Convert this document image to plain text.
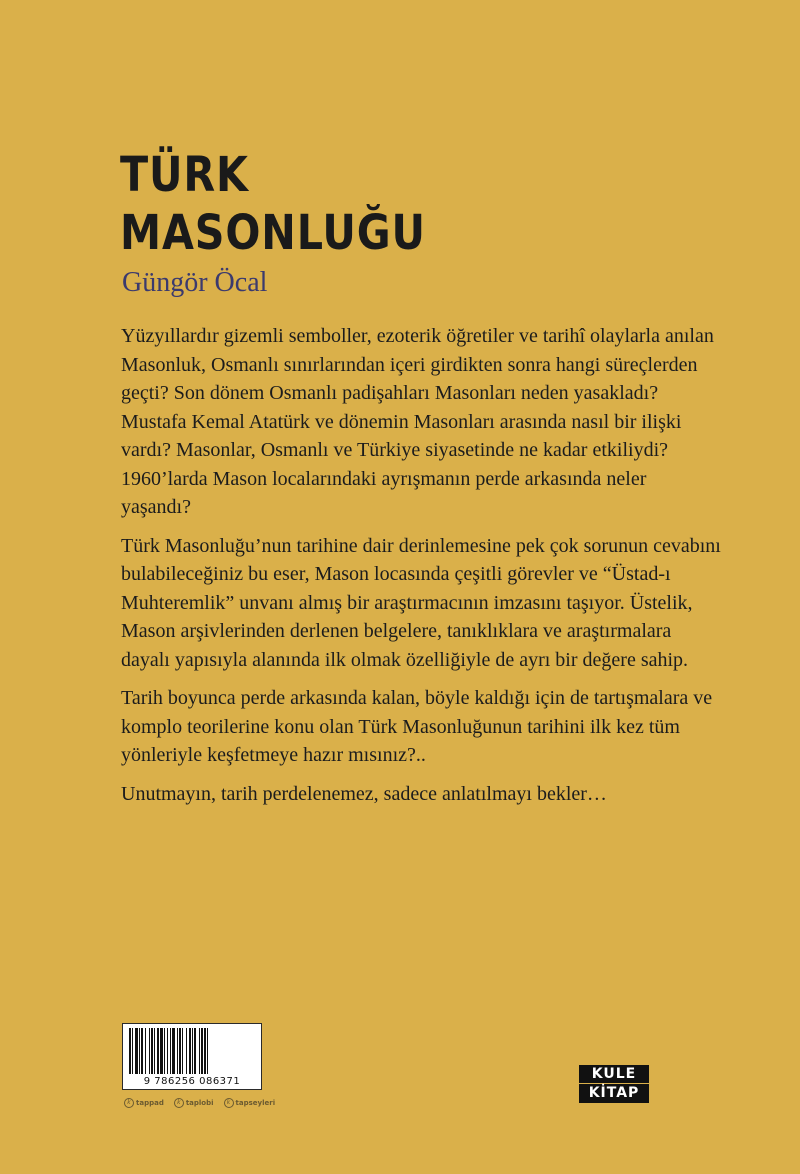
TÜRK
MASONLUĞU
Güngör Öcal

Yüzyıllardır gizemli semboller, ezoterik öğretiler ve tarihî olaylarla anılan Masonluk, Osmanlı sınırlarından içeri girdikten sonra hangi süreçlerden geçti? Son dönem Osmanlı padişahları Masonları neden yasakladı? Mustafa Kemal Atatürk ve dönemin Masonları arasında nasıl bir ilişki vardı? Masonlar, Osmanlı ve Türkiye siyasetinde ne kadar etkiliydi? 1960’larda Mason localarındaki ayrışmanın perde arkasında neler yaşandı?

Türk Masonluğu’nun tarihine dair derinlemesine pek çok sorunun cevabını bulabileceğiniz bu eser, Mason locasında çeşitli görevler ve “Üstad-ı Muhteremlik” unvanı almış bir araştırmacının imzasını taşıyor. Üstelik, Mason arşivlerinden derlenen belgelere, tanıklıklara ve araştırmalara dayalı yapısıyla alanında ilk olmak özelliğiyle de ayrı bir değere sahip.

Tarih boyunca perde arkasında kalan, böyle kaldığı için de tartışmalara ve komplo teorilerine konu olan Türk Masonluğunun tarihini ilk kez tüm yönleriyle keşfetmeye hazır mısınız?..

Unutmayın, tarih perdelenemez, sadece anlatılmayı bekler…

9 786256 086371
k tappad	k taplobi	k tapseyleri
KULE
KİTAP
